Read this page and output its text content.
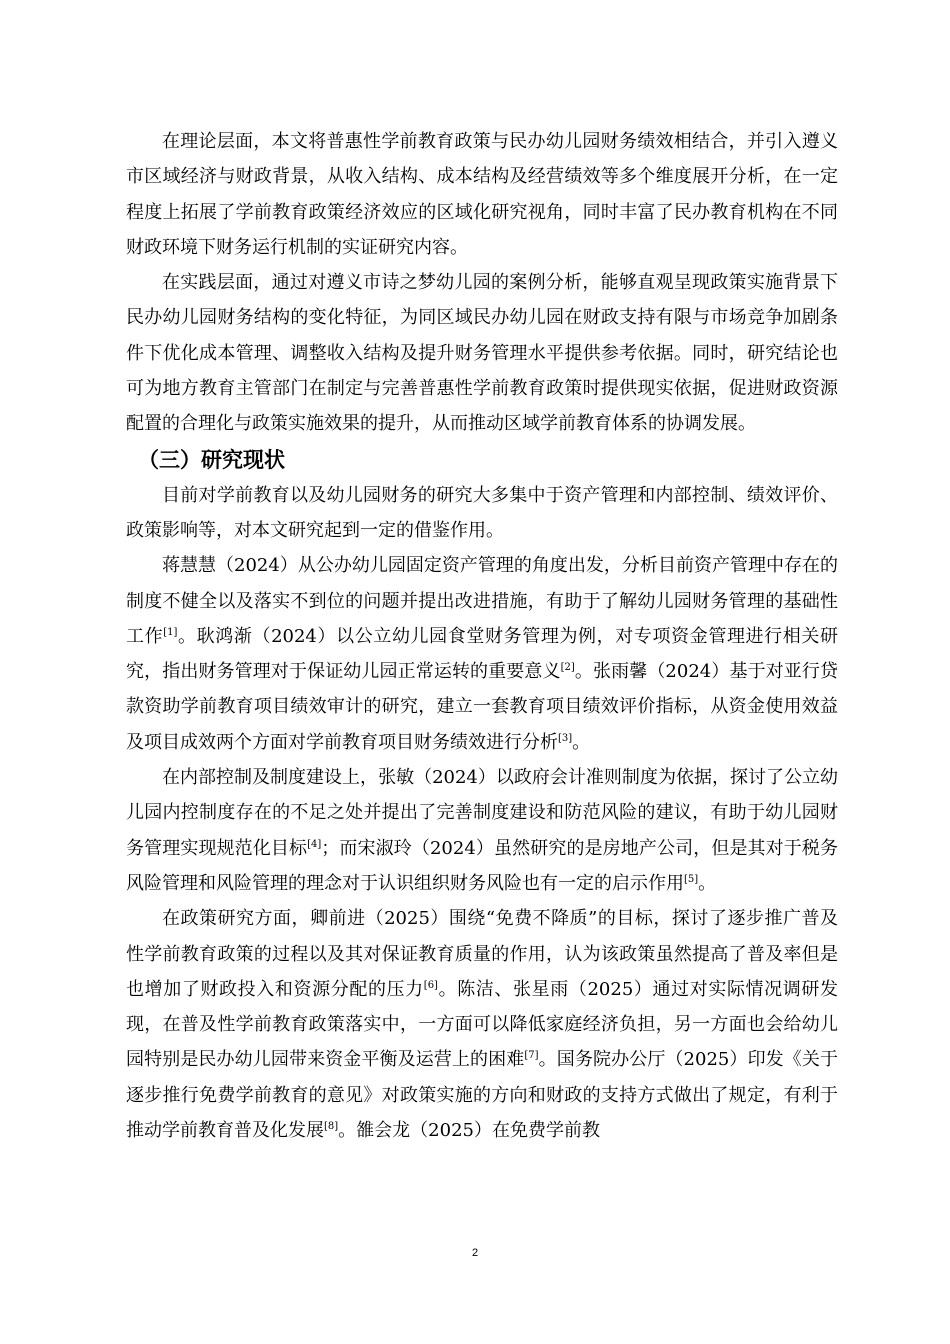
在理论层面，本文将普惠性学前教育政策与民办幼儿园财务绩效相结合，并引入遵义市区域经济与财政背景，从收入结构、成本结构及经营绩效等多个维度展开分析，在一定程度上拓展了学前教育政策经济效应的区域化研究视角，同时丰富了民办教育机构在不同财政环境下财务运行机制的实证研究内容。

在实践层面，通过对遵义市诗之梦幼儿园的案例分析，能够直观呈现政策实施背景下民办幼儿园财务结构的变化特征，为同区域民办幼儿园在财政支持有限与市场竞争加剧条件下优化成本管理、调整收入结构及提升财务管理水平提供参考依据。同时，研究结论也可为地方教育主管部门在制定与完善普惠性学前教育政策时提供现实依据，促进财政资源配置的合理化与政策实施效果的提升，从而推动区域学前教育体系的协调发展。

（三）研究现状

目前对学前教育以及幼儿园财务的研究大多集中于资产管理和内部控制、绩效评价、政策影响等，对本文研究起到一定的借鉴作用。

蒋慧慧（2024）从公办幼儿园固定资产管理的角度出发，分析目前资产管理中存在的制度不健全以及落实不到位的问题并提出改进措施，有助于了解幼儿园财务管理的基础性工作[1]。耿鸿渐（2024）以公立幼儿园食堂财务管理为例，对专项资金管理进行相关研究，指出财务管理对于保证幼儿园正常运转的重要意义[2]。张雨馨（2024）基于对亚行贷款资助学前教育项目绩效审计的研究，建立一套教育项目绩效评价指标，从资金使用效益及项目成效两个方面对学前教育项目财务绩效进行分析[3]。

在内部控制及制度建设上，张敏（2024）以政府会计准则制度为依据，探讨了公立幼儿园内控制度存在的不足之处并提出了完善制度建设和防范风险的建议，有助于幼儿园财务管理实现规范化目标[4]；而宋淑玲（2024）虽然研究的是房地产公司，但是其对于税务风险管理和风险管理的理念对于认识组织财务风险也有一定的启示作用[5]。

在政策研究方面，卿前进（2025）围绕“免费不降质”的目标，探讨了逐步推广普及性学前教育政策的过程以及其对保证教育质量的作用，认为该政策虽然提高了普及率但是也增加了财政投入和资源分配的压力[6]。陈洁、张星雨（2025）通过对实际情况调研发现，在普及性学前教育政策落实中，一方面可以降低家庭经济负担，另一方面也会给幼儿园特别是民办幼儿园带来资金平衡及运营上的困难[7]。国务院办公厅（2025）印发《关于逐步推行免费学前教育的意见》对政策实施的方向和财政的支持方式做出了规定，有利于推动学前教育普及化发展[8]。雒会龙（2025）在免费学前教

2
